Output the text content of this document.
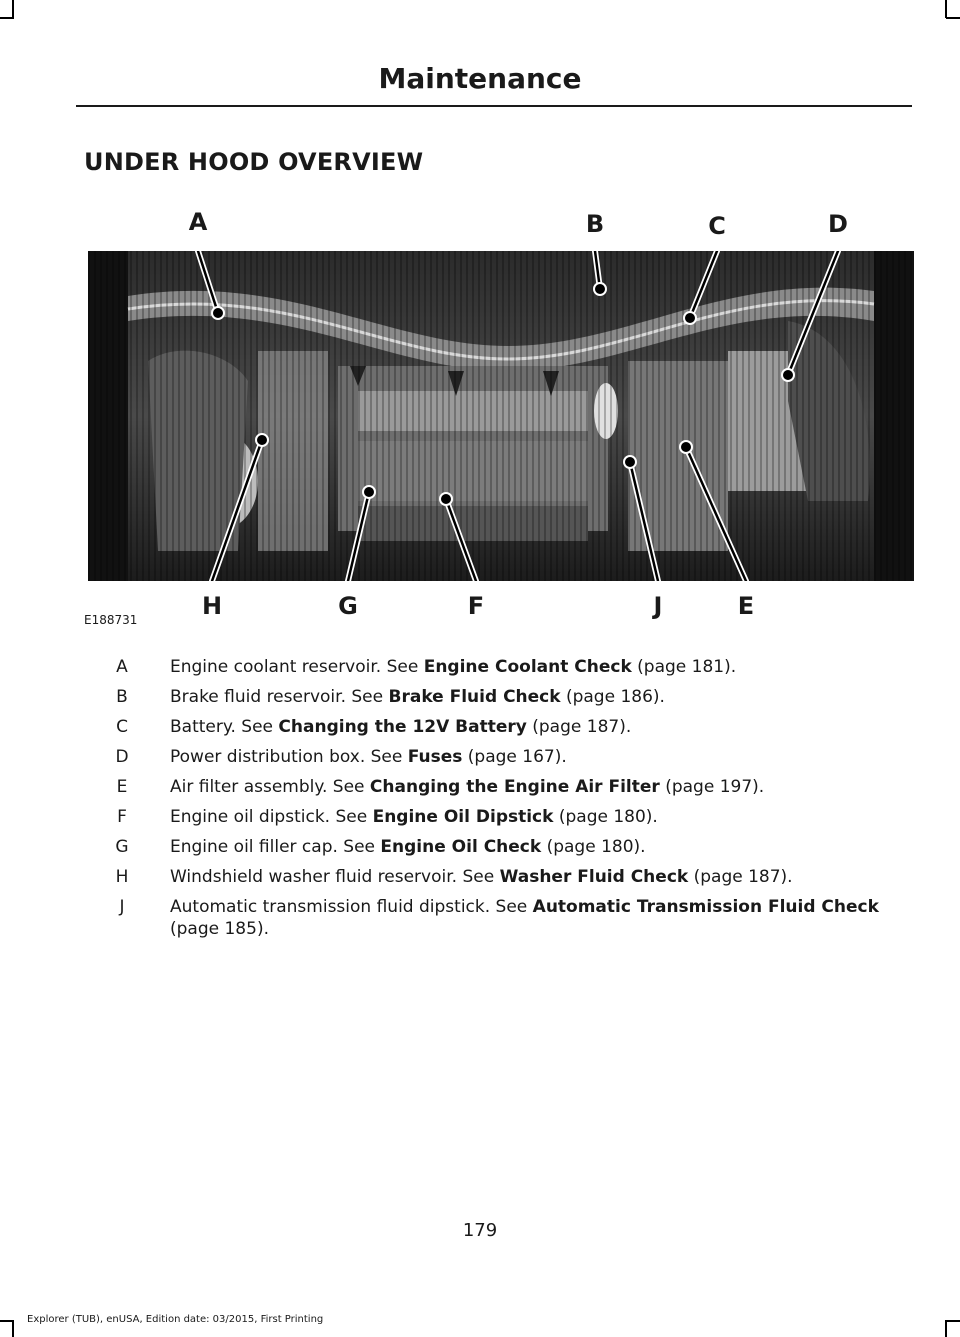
Maintenance
UNDER HOOD OVERVIEW
A	B	C	D
H	G	F	J	E
E188731
A Engine coolant reservoir. See Engine Coolant Check (page 181).
B Brake fluid reservoir. See Brake Fluid Check (page 186).
C Battery. See Changing the 12V Battery (page 187).
D Power distribution box. See Fuses (page 167).
E	Air filter assembly. See Changing the Engine Air Filter (page 197).
F	Engine oil dipstick. See Engine Oil Dipstick (page 180).
G Engine oil filler cap. See Engine Oil Check (page 180).
H Windshield washer fluid reservoir. See Washer Fluid Check (page 187).
J	Automatic transmission fluid dipstick. See Automatic Transmission Fluid Check (page 185).
179
Explorer (TUB), enUSA, Edition date: 03/2015, First Printing
